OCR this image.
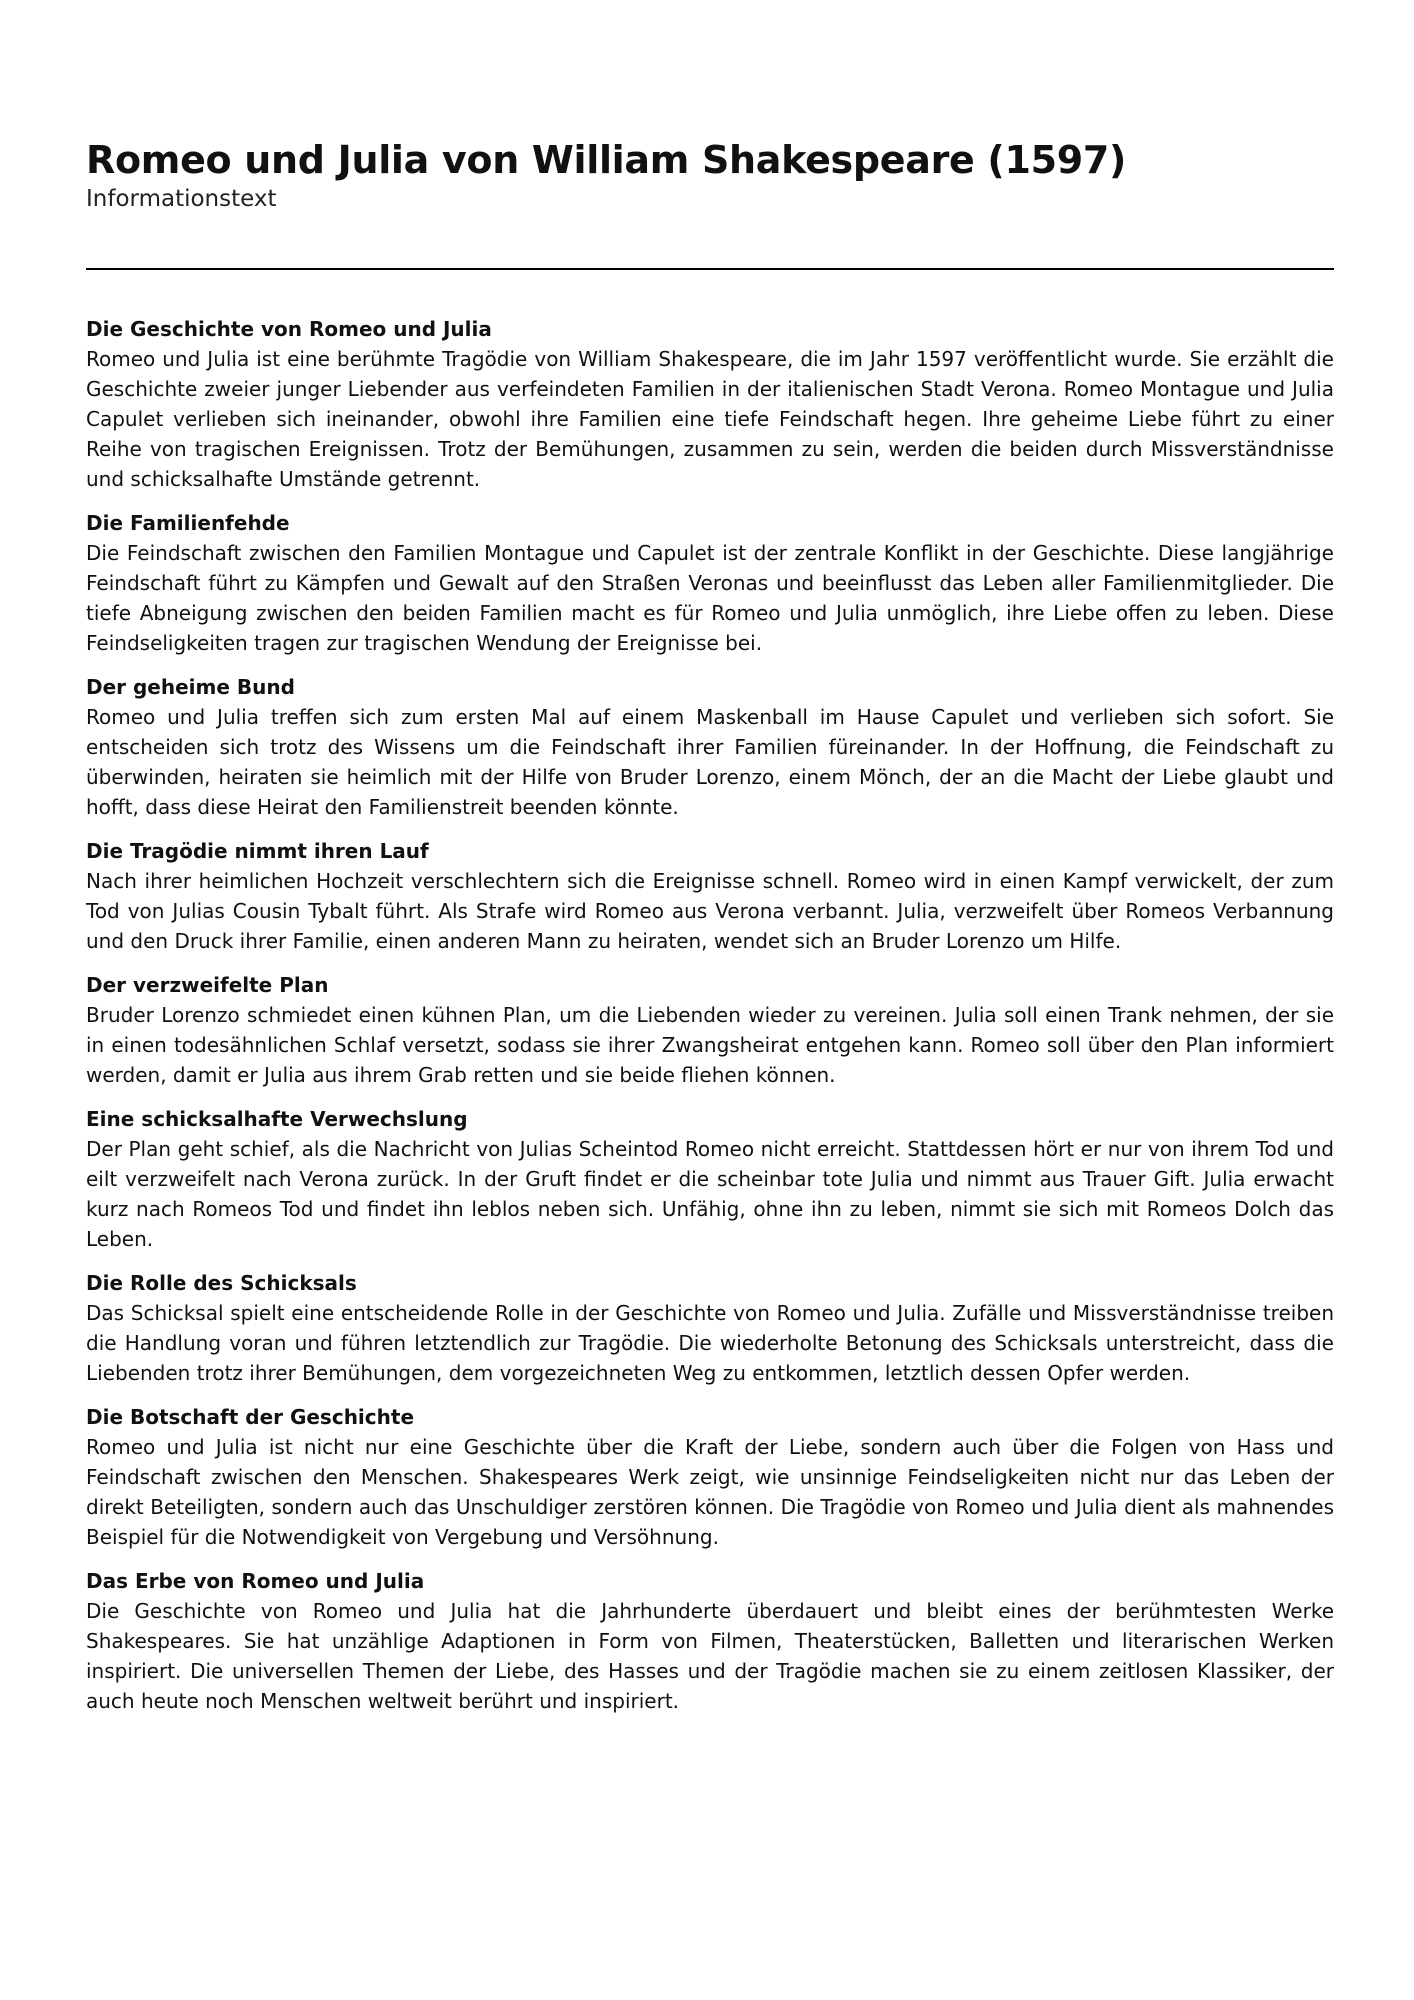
Romeo und Julia von William Shakespeare (1597)

Informationstext

Die Geschichte von Romeo und Julia

Romeo und Julia ist eine berühmte Tragödie von William Shakespeare, die im Jahr 1597 veröffentlicht wurde. Sie erzählt die Geschichte zweier junger Liebender aus verfeindeten Familien in der italienischen Stadt Verona. Romeo Montague und Julia Capulet verlieben sich ineinander, obwohl ihre Familien eine tiefe Feindschaft hegen. Ihre geheime Liebe führt zu einer Reihe von tragischen Ereignissen. Trotz der Bemühungen, zusammen zu sein, werden die beiden durch Missverständnisse und schicksalhafte Umstände getrennt.

Die Familienfehde

Die Feindschaft zwischen den Familien Montague und Capulet ist der zentrale Konflikt in der Geschichte. Diese langjährige Feindschaft führt zu Kämpfen und Gewalt auf den Straßen Veronas und beeinflusst das Leben aller Familienmitglieder. Die tiefe Abneigung zwischen den beiden Familien macht es für Romeo und Julia unmöglich, ihre Liebe offen zu leben. Diese Feindseligkeiten tragen zur tragischen Wendung der Ereignisse bei.

Der geheime Bund

Romeo und Julia treffen sich zum ersten Mal auf einem Maskenball im Hause Capulet und verlieben sich sofort. Sie entscheiden sich trotz des Wissens um die Feindschaft ihrer Familien füreinander. In der Hoffnung, die Feindschaft zu überwinden, heiraten sie heimlich mit der Hilfe von Bruder Lorenzo, einem Mönch, der an die Macht der Liebe glaubt und hofft, dass diese Heirat den Familienstreit beenden könnte.

Die Tragödie nimmt ihren Lauf

Nach ihrer heimlichen Hochzeit verschlechtern sich die Ereignisse schnell. Romeo wird in einen Kampf verwickelt, der zum Tod von Julias Cousin Tybalt führt. Als Strafe wird Romeo aus Verona verbannt. Julia, verzweifelt über Romeos Verbannung und den Druck ihrer Familie, einen anderen Mann zu heiraten, wendet sich an Bruder Lorenzo um Hilfe.

Der verzweifelte Plan

Bruder Lorenzo schmiedet einen kühnen Plan, um die Liebenden wieder zu vereinen. Julia soll einen Trank nehmen, der sie in einen todesähnlichen Schlaf versetzt, sodass sie ihrer Zwangsheirat entgehen kann. Romeo soll über den Plan informiert werden, damit er Julia aus ihrem Grab retten und sie beide fliehen können.

Eine schicksalhafte Verwechslung

Der Plan geht schief, als die Nachricht von Julias Scheintod Romeo nicht erreicht. Stattdessen hört er nur von ihrem Tod und eilt verzweifelt nach Verona zurück. In der Gruft findet er die scheinbar tote Julia und nimmt aus Trauer Gift. Julia erwacht kurz nach Romeos Tod und findet ihn leblos neben sich. Unfähig, ohne ihn zu leben, nimmt sie sich mit Romeos Dolch das Leben.

Die Rolle des Schicksals

Das Schicksal spielt eine entscheidende Rolle in der Geschichte von Romeo und Julia. Zufälle und Missverständnisse treiben die Handlung voran und führen letztendlich zur Tragödie. Die wiederholte Betonung des Schicksals unterstreicht, dass die Liebenden trotz ihrer Bemühungen, dem vorgezeichneten Weg zu entkommen, letztlich dessen Opfer werden.

Die Botschaft der Geschichte

Romeo und Julia ist nicht nur eine Geschichte über die Kraft der Liebe, sondern auch über die Folgen von Hass und Feindschaft zwischen den Menschen. Shakespeares Werk zeigt, wie unsinnige Feindseligkeiten nicht nur das Leben der direkt Beteiligten, sondern auch das Unschuldiger zerstören können. Die Tragödie von Romeo und Julia dient als mahnendes Beispiel für die Notwendigkeit von Vergebung und Versöhnung.

Das Erbe von Romeo und Julia

Die Geschichte von Romeo und Julia hat die Jahrhunderte überdauert und bleibt eines der berühmtesten Werke Shakespeares. Sie hat unzählige Adaptionen in Form von Filmen, Theaterstücken, Balletten und literarischen Werken inspiriert. Die universellen Themen der Liebe, des Hasses und der Tragödie machen sie zu einem zeitlosen Klassiker, der auch heute noch Menschen weltweit berührt und inspiriert.
